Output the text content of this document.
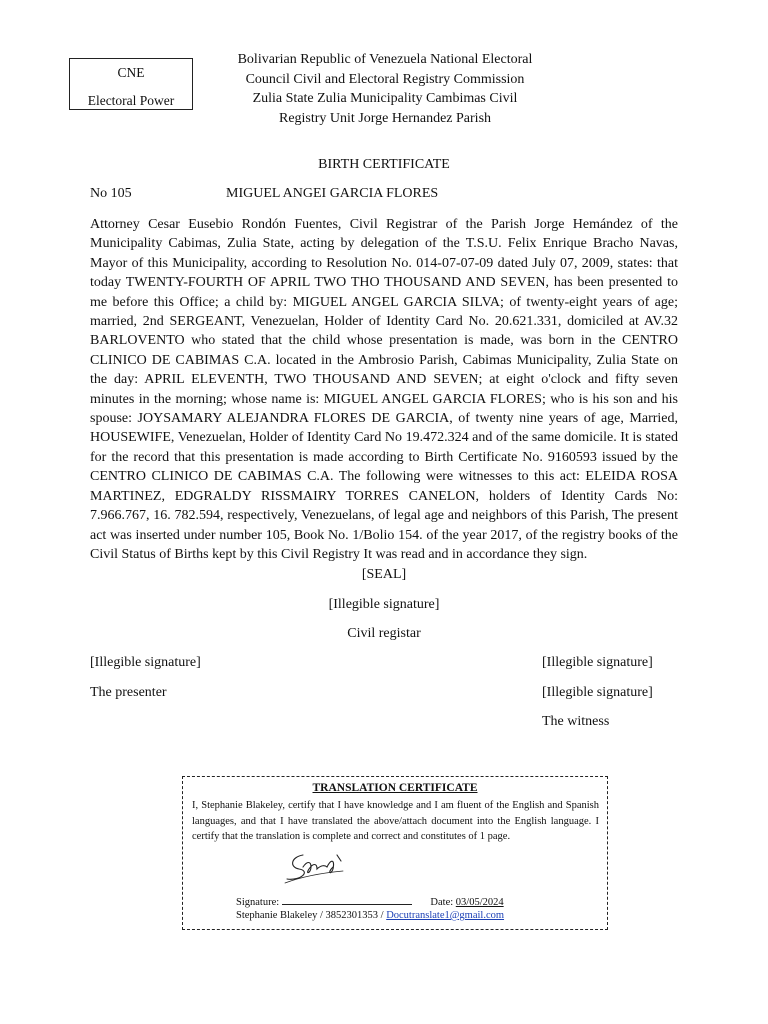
CNE
Electoral Power
Bolivarian Republic of Venezuela National Electoral
Council Civil and Electoral Registry Commission
Zulia State Zulia Municipality Cambimas Civil
Registry Unit Jorge Hernandez Parish
BIRTH CERTIFICATE
No 105	MIGUEL ANGEI GARCIA FLORES

Attorney Cesar Eusebio Rondón Fuentes, Civil Registrar of the Parish Jorge Hemández of the Municipality Cabimas, Zulia State, acting by delegation of the T.S.U. Felix Enrique Bracho Navas, Mayor of this Municipality, according to Resolution No. 014-07-07-09 dated July 07, 2009, states: that today TWENTY-FOURTH OF APRIL TWO THO THOUSAND AND SEVEN, has been presented to me before this Office; a child by: MIGUEL ANGEL GARCIA SILVA; of twenty-eight years of age; married, 2nd SERGEANT, Venezuelan, Holder of Identity Card No. 20.621.331, domiciled at AV.32 BARLOVENTO who stated that the child whose presentation is made, was born in the CENTRO CLINICO DE CABIMAS C.A. located in the Ambrosio Parish, Cabimas Municipality, Zulia State on the day: APRIL ELEVENTH, TWO THOUSAND AND SEVEN; at eight o'clock and fifty seven minutes in the morning; whose name is: MIGUEL ANGEL GARCIA FLORES; who is his son and his spouse: JOYSAMARY ALEJANDRA FLORES DE GARCIA, of twenty nine years of age, Married, HOUSEWIFE, Venezuelan, Holder of Identity Card No 19.472.324 and of the same domicile. It is stated for the record that this presentation is made according to Birth Certificate No. 9160593 issued by the CENTRO CLINICO DE CABIMAS C.A. The following were witnesses to this act: ELEIDA ROSA MARTINEZ, EDGRALDY RISSMAIRY TORRES CANELON, holders of Identity Cards No: 7.966.767, 16. 782.594, respectively, Venezuelans, of legal age and neighbors of this Parish, The present act was inserted under number 105, Book No. 1/Bolio 154. of the year 2017, of the registry books of the Civil Status of Births kept by this Civil Registry It was read and in accordance they sign.

[SEAL]
[Illegible signature]
Civil registar
[Illegible signature]
The presenter
[Illegible signature]
[Illegible signature]
The witness
TRANSLATION CERTIFICATE

I, Stephanie Blakeley, certify that I have knowledge and I am fluent of the English and Spanish languages, and that I have translated the above/attach document into the English language. I certify that the translation is complete and correct and constitutes of 1 page.

Signature:	Date: 03/05/2024
Stephanie Blakeley / 3852301353 / Docutranslate1@gmail.com
